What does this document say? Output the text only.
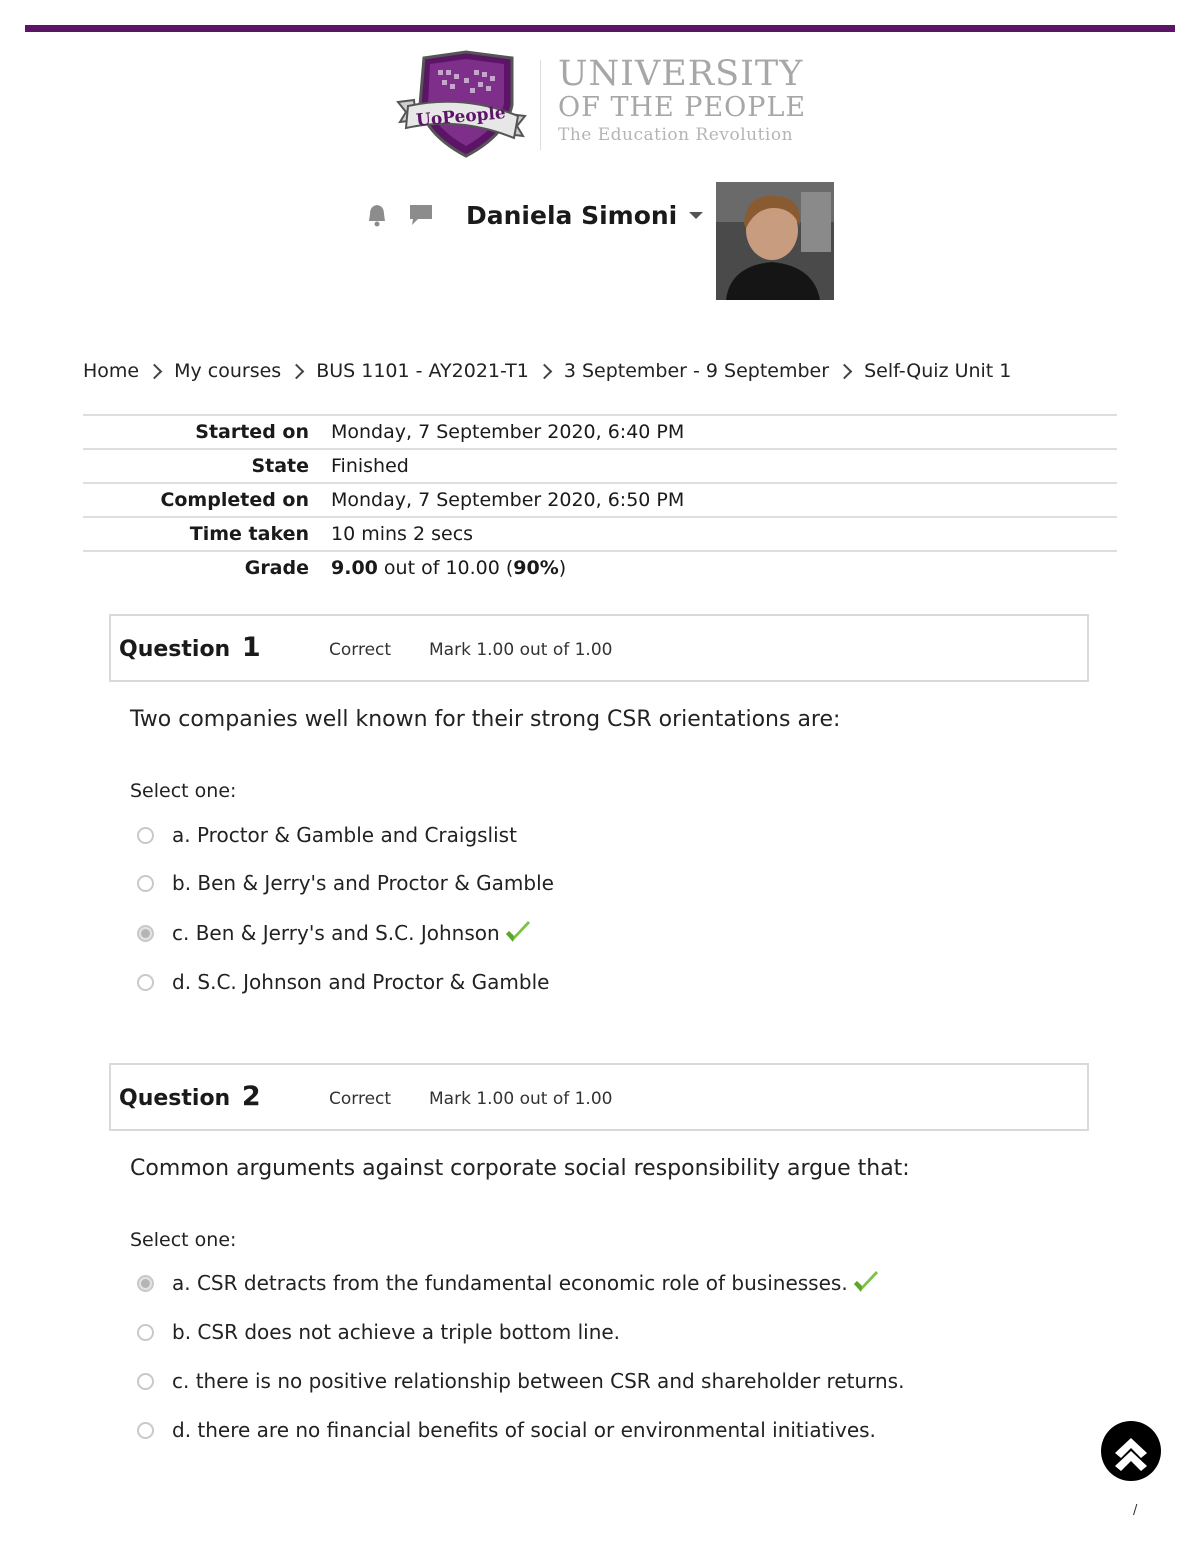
UoPeople
UNIVERSITY
OF THE PEOPLE
The Education Revolution
Daniela Simoni
Home My courses BUS 1101 - AY2021-T1 3 September - 9 September Self-Quiz Unit 1
Started on	Monday, 7 September 2020, 6:40 PM
State	Finished
Completed on	Monday, 7 September 2020, 6:50 PM
Time taken	10 mins 2 secs
Grade	9.00 out of 10.00 (90%)
Question 1	Correct Mark 1.00 out of 1.00
Two companies well known for their strong CSR orientations are:
Select one:
a. Proctor & Gamble and Craigslist
b. Ben & Jerry's and Proctor & Gamble
c. Ben & Jerry's and S.C. Johnson
d. S.C. Johnson and Proctor & Gamble
Question 2	Correct Mark 1.00 out of 1.00
Common arguments against corporate social responsibility argue that:
Select one:
a. CSR detracts from the fundamental economic role of businesses.
b. CSR does not achieve a triple bottom line.
c. there is no positive relationship between CSR and shareholder returns.
d. there are no financial benefits of social or environmental initiatives.
/
